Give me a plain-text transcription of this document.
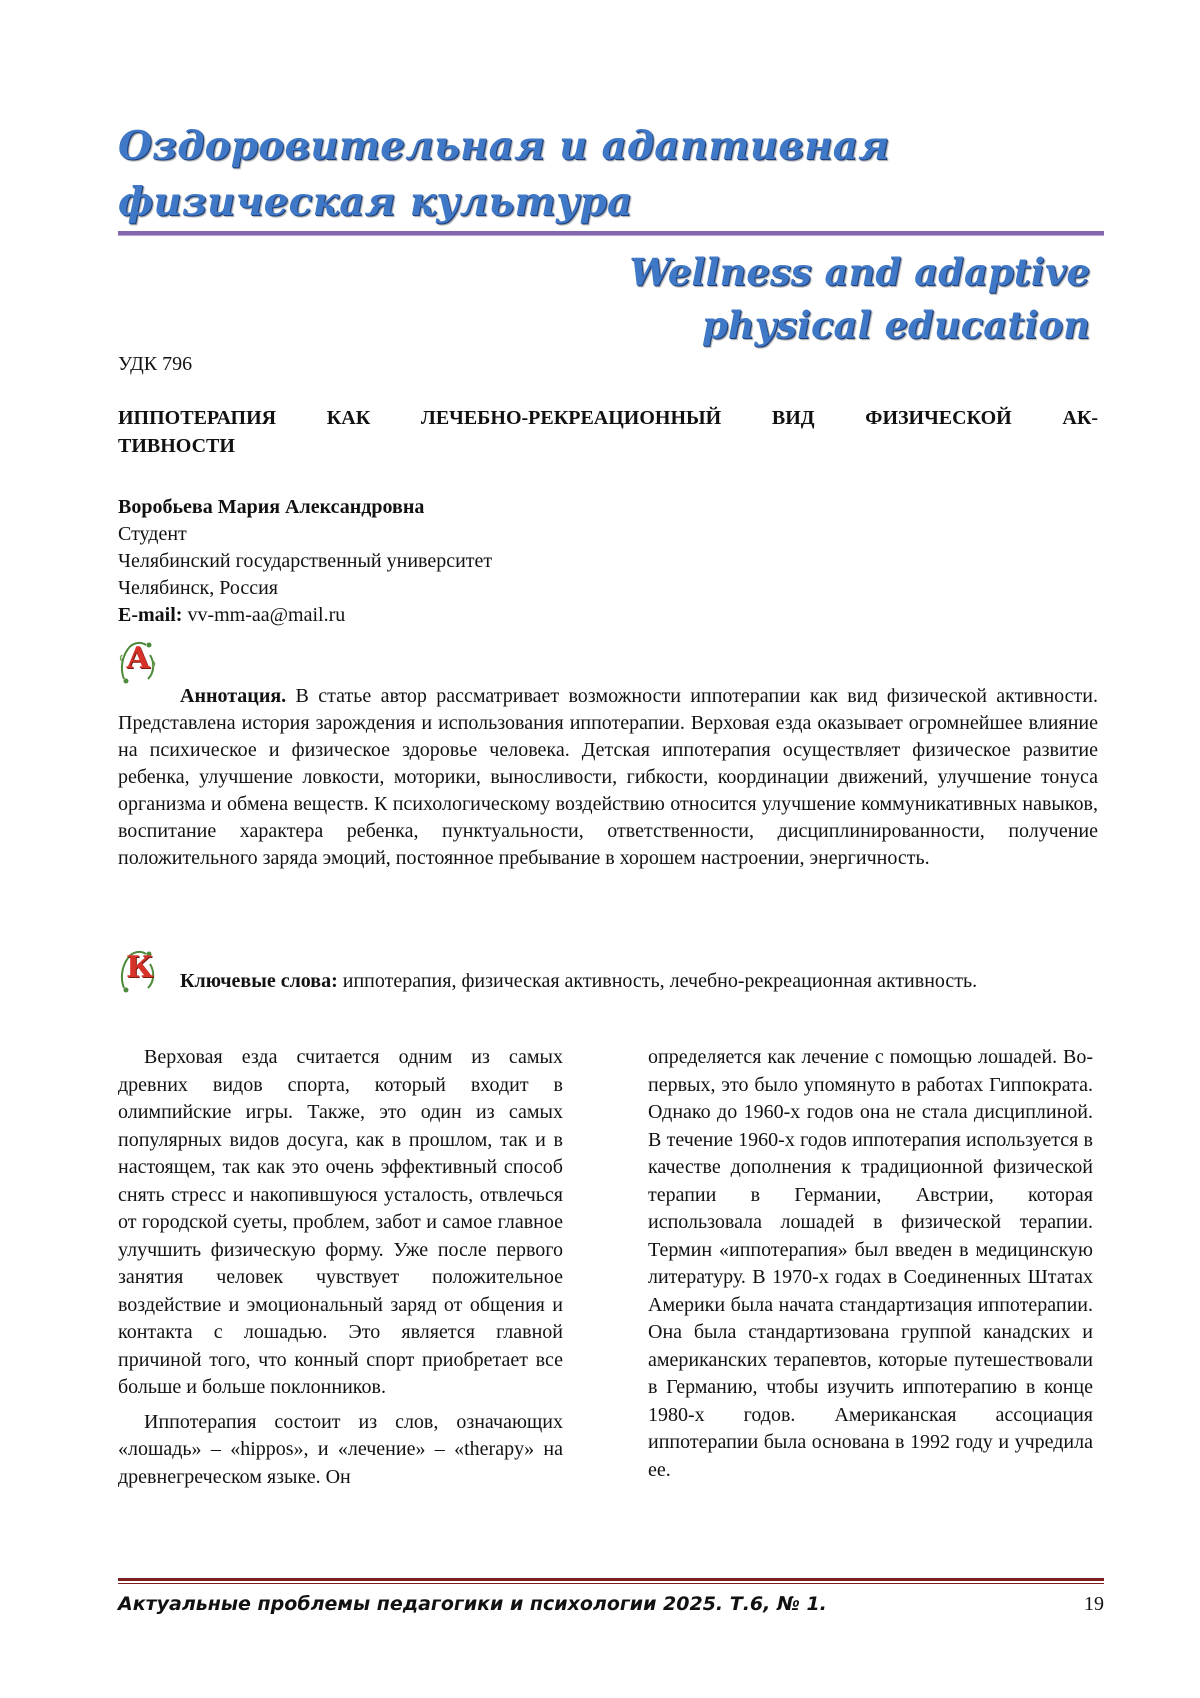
Оздоровительная и адаптивная
физическая культура
Wellness and adaptive
physical education
УДК 796
ИППОТЕРАПИЯ КАК ЛЕЧЕБНО-РЕКРЕАЦИОННЫЙ ВИД ФИЗИЧЕСКОЙ АК-
ТИВНОСТИ
Воробьева Мария Александровна
Студент
Челябинский государственный университет
Челябинск, Россия
E-mail: vv-mm-aa@mail.ru
А
Аннотация. В статье автор рассматривает возможности иппотерапии как вид физической активности. Представлена история зарождения и использования иппотерапии. Верховая езда оказывает огромнейшее влияние на психическое и физическое здоровье человека. Детская иппотерапия осуществляет физическое развитие ребенка, улучшение ловкости, моторики, выносливости, гибкости, координации движений, улучшение тонуса организма и обмена веществ. К психологическому воздействию относится улучшение коммуникативных навыков, воспитание характера ребенка, пунктуальности, ответственности, дисциплинированности, получение положительного заряда эмоций, постоянное пребывание в хорошем настроении, энергичность.
К	Ключевые слова: иппотерапия, физическая активность, лечебно-рекреационная активность.

Верховая езда считается одним из самых древних видов спорта, который входит в олимпийские игры. Также, это один из самых популярных видов досуга, как в прошлом, так и в настоящем, так как это очень эффективный способ снять стресс и накопившуюся усталость, отвлечься от городской суеты, проблем, забот и самое главное улучшить физическую форму. Уже после первого занятия человек чувствует положительное воздействие и эмоциональный заряд от общения и контакта с лошадью. Это является главной причиной того, что конный спорт приобретает все больше и больше поклонников.

Иппотерапия состоит из слов, означающих «лошадь» – «hippos», и «лечение» – «therapy» на древнегреческом языке. Он

определяется как лечение с помощью лошадей. Во-первых, это было упомянуто в работах Гиппократа. Однако до 1960-х годов она не стала дисциплиной. В течение 1960-х годов иппотерапия используется в качестве дополнения к традиционной физической терапии в Германии, Австрии, которая использовала лошадей в физической терапии. Термин «иппотерапия» был введен в медицинскую литературу. В 1970-х годах в Соединенных Штатах Америки была начата стандартизация иппотерапии. Она была стандартизована группой канадских и американских терапевтов, которые путешествовали в Германию, чтобы изучить иппотерапию в конце 1980-х годов. Американская ассоциация иппотерапии была основана в 1992 году и учредила ее.

Актуальные проблемы педагогики и психологии 2025. Т.6, № 1.	19
